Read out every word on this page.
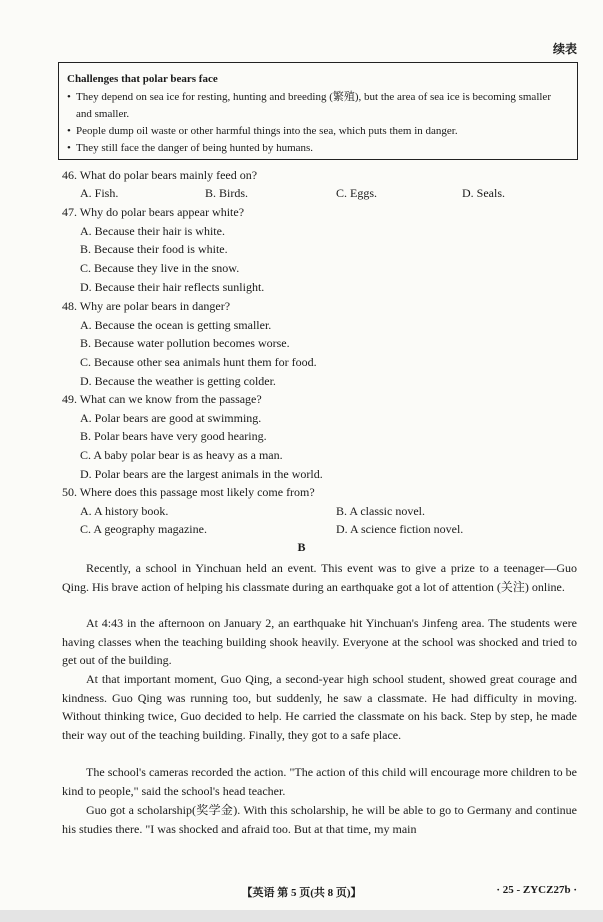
续表
Challenges that polar bears face
• They depend on sea ice for resting, hunting and breeding (繁殖), but the area of sea ice is becoming smaller and smaller.
• People dump oil waste or other harmful things into the sea, which puts them in danger.
• They still face the danger of being hunted by humans.
46. What do polar bears mainly feed on?
A. Fish.	B. Birds.	C. Eggs.	D. Seals.
47. Why do polar bears appear white?
A. Because their hair is white.
B. Because their food is white.
C. Because they live in the snow.
D. Because their hair reflects sunlight.
48. Why are polar bears in danger?
A. Because the ocean is getting smaller.
B. Because water pollution becomes worse.
C. Because other sea animals hunt them for food.
D. Because the weather is getting colder.
49. What can we know from the passage?
A. Polar bears are good at swimming.
B. Polar bears have very good hearing.
C. A baby polar bear is as heavy as a man.
D. Polar bears are the largest animals in the world.
50. Where does this passage most likely come from?
A. A history book.	B. A classic novel.
C. A geography magazine.	D. A science fiction novel.
B
Recently, a school in Yinchuan held an event. This event was to give a prize to a teenager—Guo Qing. His brave action of helping his classmate during an earthquake got a lot of attention (关注) online.
At 4:43 in the afternoon on January 2, an earthquake hit Yinchuan's Jinfeng area. The students were having classes when the teaching building shook heavily. Everyone at the school was shocked and tried to get out of the building.
At that important moment, Guo Qing, a second-year high school student, showed great courage and kindness. Guo Qing was running too, but suddenly, he saw a classmate. He had difficulty in moving. Without thinking twice, Guo decided to help. He carried the classmate on his back. Step by step, he made their way out of the teaching building. Finally, they got to a safe place.
The school's cameras recorded the action. "The action of this child will encourage more children to be kind to people," said the school's head teacher.
Guo got a scholarship(奖学金). With this scholarship, he will be able to go to Germany and continue his studies there. "I was shocked and afraid too. But at that time, my main
【英语 第 5 页(共 8 页)】	· 25 - ZYCZ27b ·
